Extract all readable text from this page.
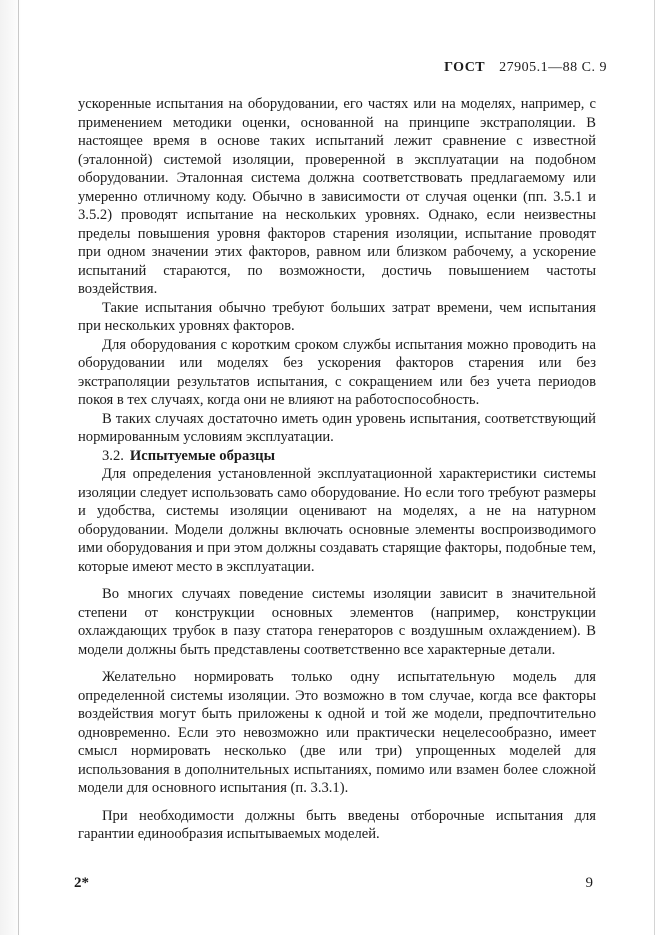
ГОСТ 27905.1—88 С. 9

ускоренные испытания на оборудовании, его частях или на моделях, например, с применением методики оценки, основанной на принципе экстраполяции. В настоящее время в основе таких испытаний лежит сравнение с известной (эталонной) системой изоляции, проверенной в эксплуатации на подобном оборудовании. Эталонная система должна соответствовать предлагаемому или умеренно отличному коду. Обычно в зависимости от случая оценки (пп. 3.5.1 и 3.5.2) проводят испытание на нескольких уровнях. Однако, если неизвестны пределы повышения уровня факторов старения изоляции, испытание проводят при одном значении этих факторов, равном или близком рабочему, а ускорение испытаний стараются, по возможности, достичь повышением частоты воздействия.

Такие испытания обычно требуют больших затрат времени, чем испытания при нескольких уровнях факторов.

Для оборудования с коротким сроком службы испытания можно проводить на оборудовании или моделях без ускорения факторов старения или без экстраполяции результатов испытания, с сокращением или без учета периодов покоя в тех случаях, когда они не влияют на работоспособность.

В таких случаях достаточно иметь один уровень испытания, соответствующий нормированным условиям эксплуатации.

3.2. Испытуемые образцы

Для определения установленной эксплуатационной характеристики системы изоляции следует использовать само оборудование. Но если того требуют размеры и удобства, системы изоляции оценивают на моделях, а не на натурном оборудовании. Модели должны включать основные элементы воспроизводимого ими оборудования и при этом должны создавать старящие факторы, подобные тем, которые имеют место в эксплуатации.

Во многих случаях поведение системы изоляции зависит в значительной степени от конструкции основных элементов (например, конструкции охлаждающих трубок в пазу статора генераторов с воздушным охлаждением). В модели должны быть представлены соответственно все характерные детали.

Желательно нормировать только одну испытательную модель для определенной системы изоляции. Это возможно в том случае, когда все факторы воздействия могут быть приложены к одной и той же модели, предпочтительно одновременно. Если это невозможно или практически нецелесообразно, имеет смысл нормировать несколько (две или три) упрощенных моделей для использования в дополнительных испытаниях, помимо или взамен более сложной модели для основного испытания (п. 3.3.1).

При необходимости должны быть введены отборочные испытания для гарантии единообразия испытываемых моделей.

2*	9
